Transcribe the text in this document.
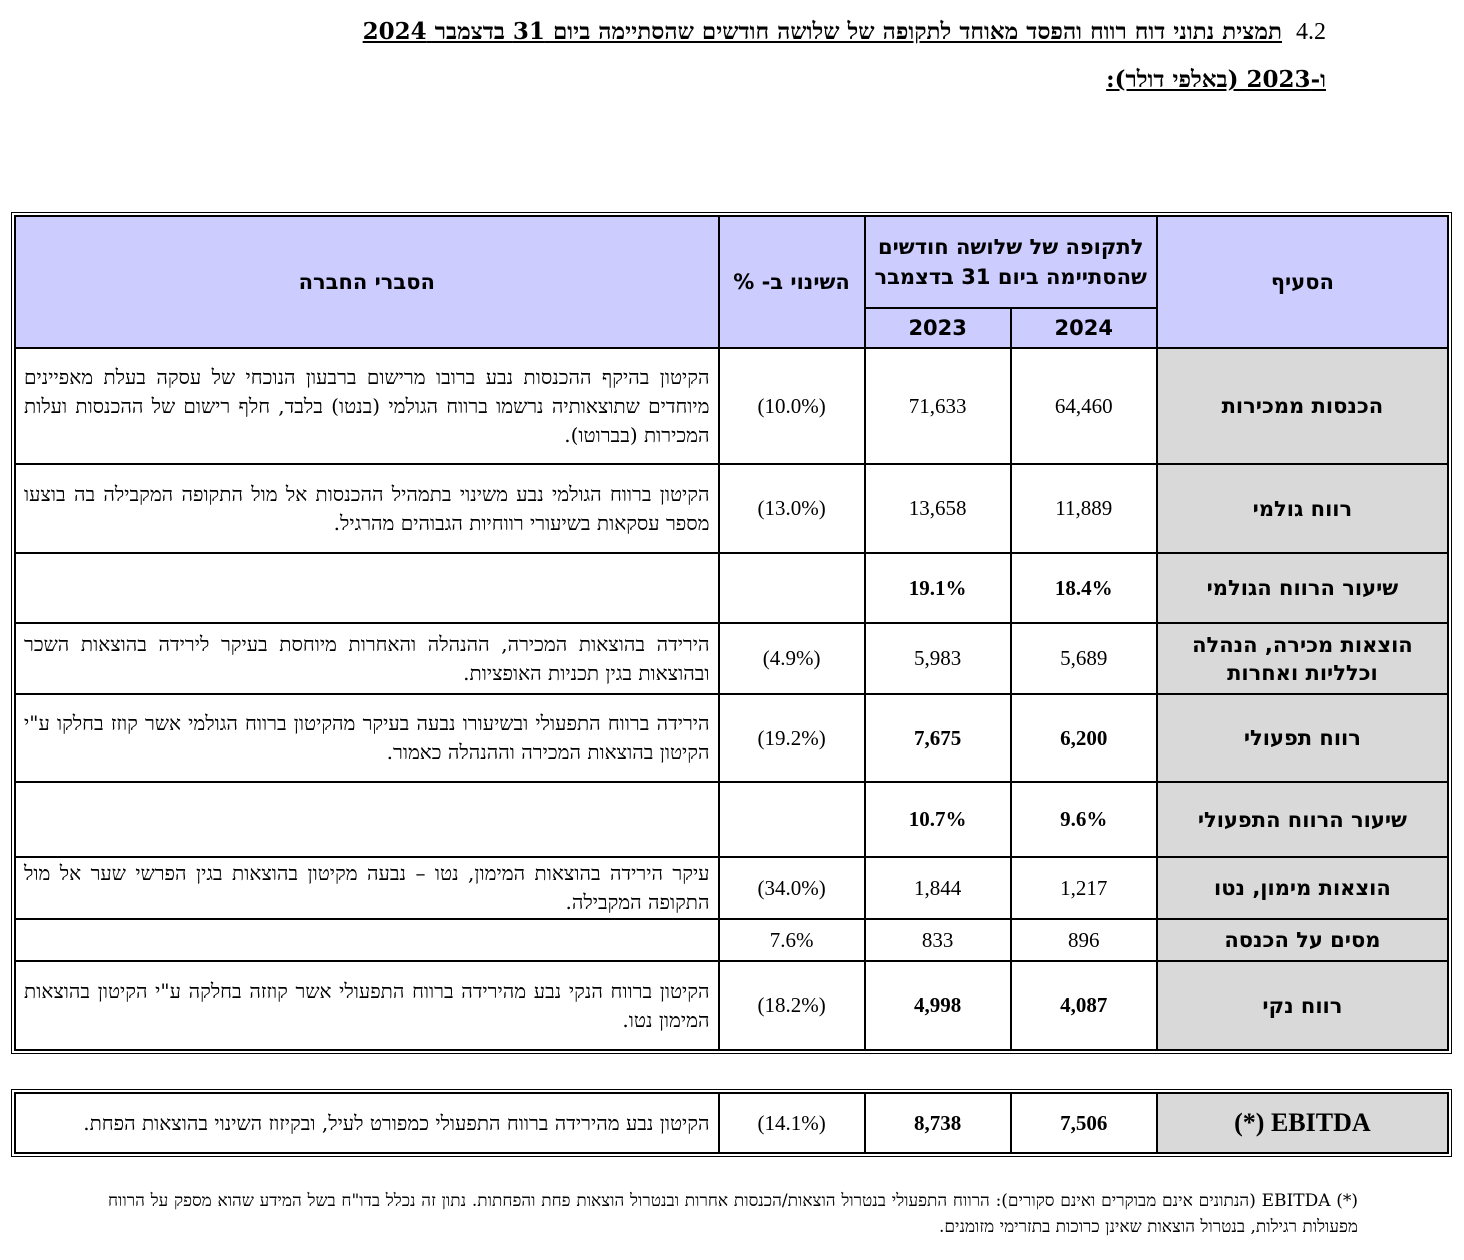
4.2תמצית נתוני דוח רווח והפסד מאוחד לתקופה של שלושה חודשים שהסתיימה ביום 31 בדצמבר 2024
ו-2023 (באלפי דולר):
הסעיף	לתקופה של שלושה חודשים שהסתיימה ביום 31 בדצמבר		השינוי ב- %	הסברי החברה
	2024	2023		
הכנסות ממכירות	64,460	71,633	(10.0%)	הקיטון בהיקף ההכנסות נבע ברובו מרישום ברבעון הנוכחי של עסקה בעלת מאפיינים מיוחדים שתוצאותיה נרשמו ברווח הגולמי (בנטו) בלבד, חלף רישום של ההכנסות ועלות המכירות (בברוטו).
רווח גולמי	11,889	13,658	(13.0%)	הקיטון ברווח הגולמי נבע משינוי בתמהיל ההכנסות אל מול התקופה המקבילה בה בוצעו מספר עסקאות בשיעורי רווחיות הגבוהים מהרגיל.
שיעור הרווח הגולמי	18.4%	19.1%		
הוצאות מכירה, הנהלה וכלליות ואחרות	5,689	5,983	(4.9%)	הירידה בהוצאות המכירה, ההנהלה והאחרות מיוחסת בעיקר לירידה בהוצאות השכר ובהוצאות בגין תכניות האופציות.
רווח תפעולי	6,200	7,675	(19.2%)	הירידה ברווח התפעולי ובשיעורו נבעה בעיקר מהקיטון ברווח הגולמי אשר קוזז בחלקו ע"י הקיטון בהוצאות המכירה וההנהלה כאמור.
שיעור הרווח התפעולי	9.6%	10.7%		
הוצאות מימון, נטו	1,217	1,844	(34.0%)	עיקר הירידה בהוצאות המימון, נטו – נבעה מקיטון בהוצאות בגין הפרשי שער אל מול התקופה המקבילה.
מסים על הכנסה	896	833	7.6%	
רווח נקי	4,087	4,998	(18.2%)	הקיטון ברווח הנקי נבע מהירידה ברווח התפעולי אשר קוזזה בחלקה ע"י הקיטון בהוצאות המימון נטו.
EBITDA (*)	7,506	8,738	(14.1%)	הקיטון נבע מהירידה ברווח התפעולי כמפורט לעיל, ובקיזוז השינוי בהוצאות הפחת.
(*) EBITDA (הנתונים אינם מבוקרים ואינם סקורים): הרווח התפעולי בנטרול הוצאות/הכנסות אחרות ובנטרול הוצאות פחת והפחתות. נתון זה נכלל בדו"ח בשל המידע שהוא מספק על הרווח מפעולות רגילות, בנטרול הוצאות שאינן כרוכות בתזרימי מזומנים.
